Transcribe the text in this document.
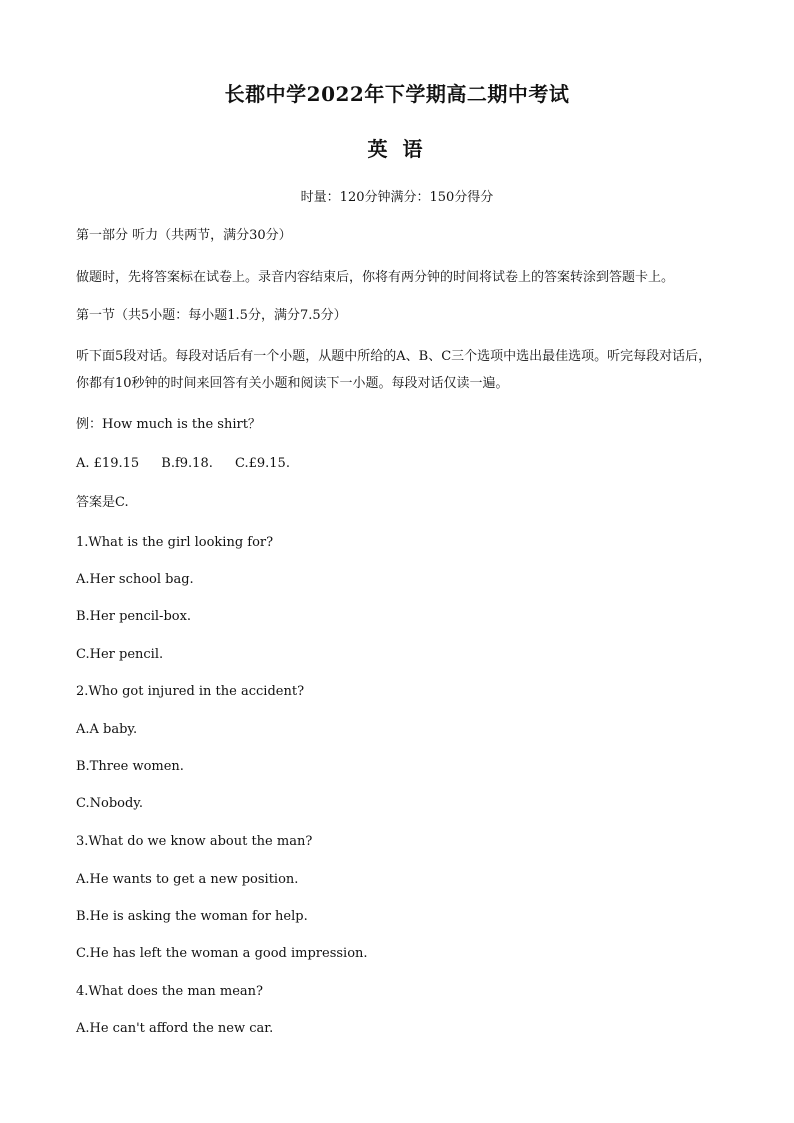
长郡中学2022年下学期高二期中考试
英 语
时量：120分钟满分：150分得分
第一部分 听力（共两节，满分30分）
做题时，先将答案标在试卷上。录音内容结束后，你将有两分钟的时间将试卷上的答案转涂到答题卡上。
第一节（共5小题：每小题1.5分，满分7.5分）
听下面5段对话。每段对话后有一个小题，从题中所给的A、B、C三个选项中选出最佳选项。听完每段对话后，你都有10秒钟的时间来回答有关小题和阅读下一小题。每段对话仅读一遍。
例：How much is the shirt？
A. £19.15 B.f9.18. C.£9.15.
答案是C.
1.What is the girl looking for?
A.Her school bag.
B.Her pencil-box.
C.Her pencil.
2.Who got injured in the accident?
A.A baby.
B.Three women.
C.Nobody.
3.What do we know about the man?
A.He wants to get a new position.
B.He is asking the woman for help.
C.He has left the woman a good impression.
4.What does the man mean?
A.He can't afford the new car.
